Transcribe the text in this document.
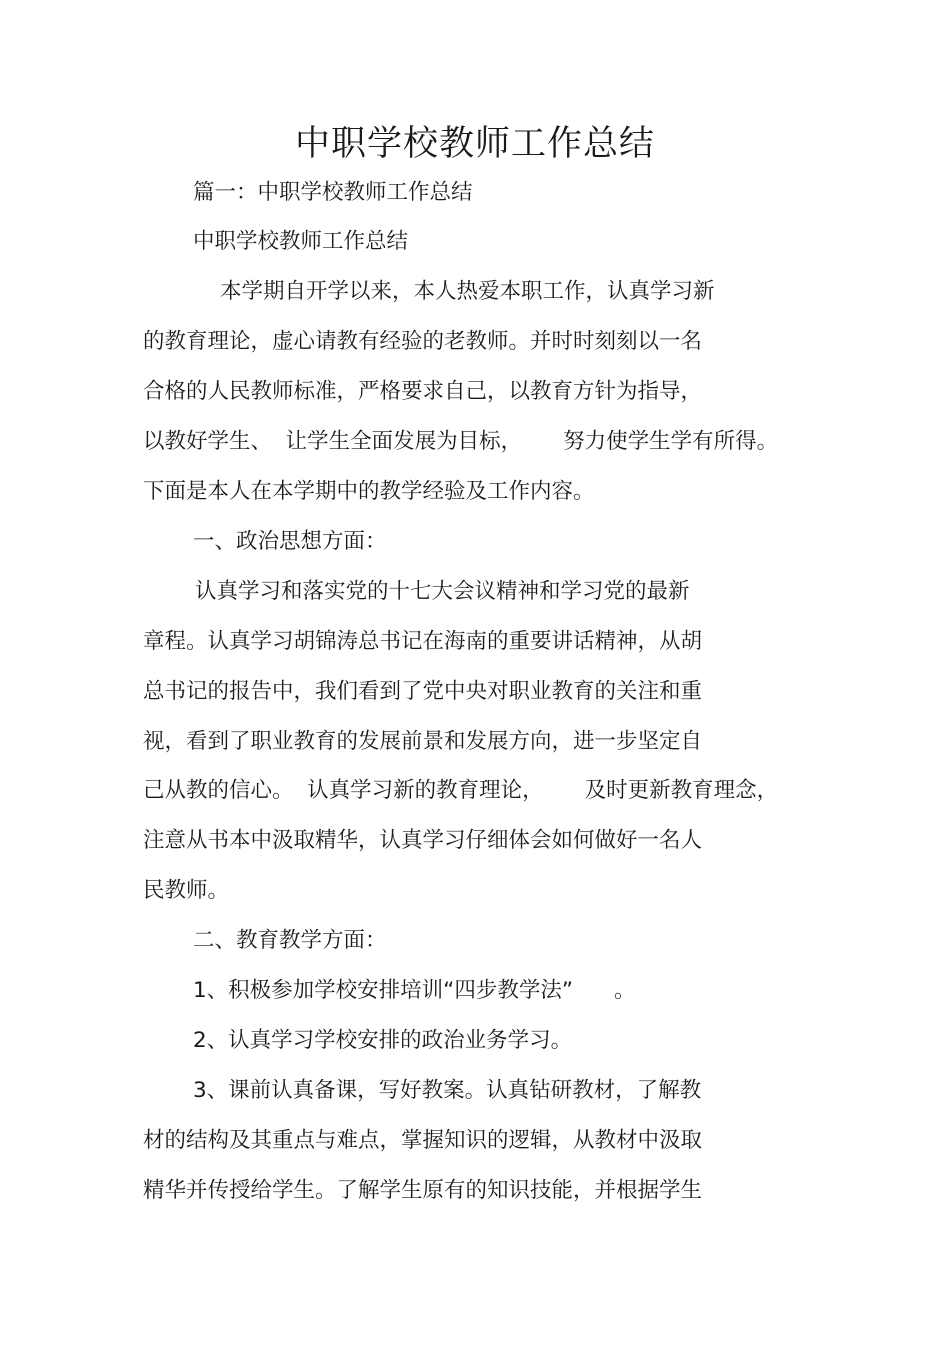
中职学校教师工作总结
篇一：中职学校教师工作总结
中职学校教师工作总结
本学期自开学以来，本人热爱本职工作，认真学习新
的教育理论，虚心请教有经验的老教师。并时时刻刻以一名
合格的人民教师标准，严格要求自己，以教育方针为指导，
以教好学生、  让学生全面发展为目标，      努力使学生学有所得。
下面是本人在本学期中的教学经验及工作内容。
一、政治思想方面：
认真学习和落实党的十七大会议精神和学习党的最新
章程。认真学习胡锦涛总书记在海南的重要讲话精神，从胡
总书记的报告中，我们看到了党中央对职业教育的关注和重
视，看到了职业教育的发展前景和发展方向，进一步坚定自
己从教的信心。  认真学习新的教育理论，      及时更新教育理念，
注意从书本中汲取精华，认真学习仔细体会如何做好一名人
民教师。
二、教育教学方面：
1、积极参加学校安排培训“四步教学法”      。
2、认真学习学校安排的政治业务学习。
3、课前认真备课，写好教案。认真钻研教材，了解教
材的结构及其重点与难点，掌握知识的逻辑，从教材中汲取
精华并传授给学生。了解学生原有的知识技能，并根据学生
